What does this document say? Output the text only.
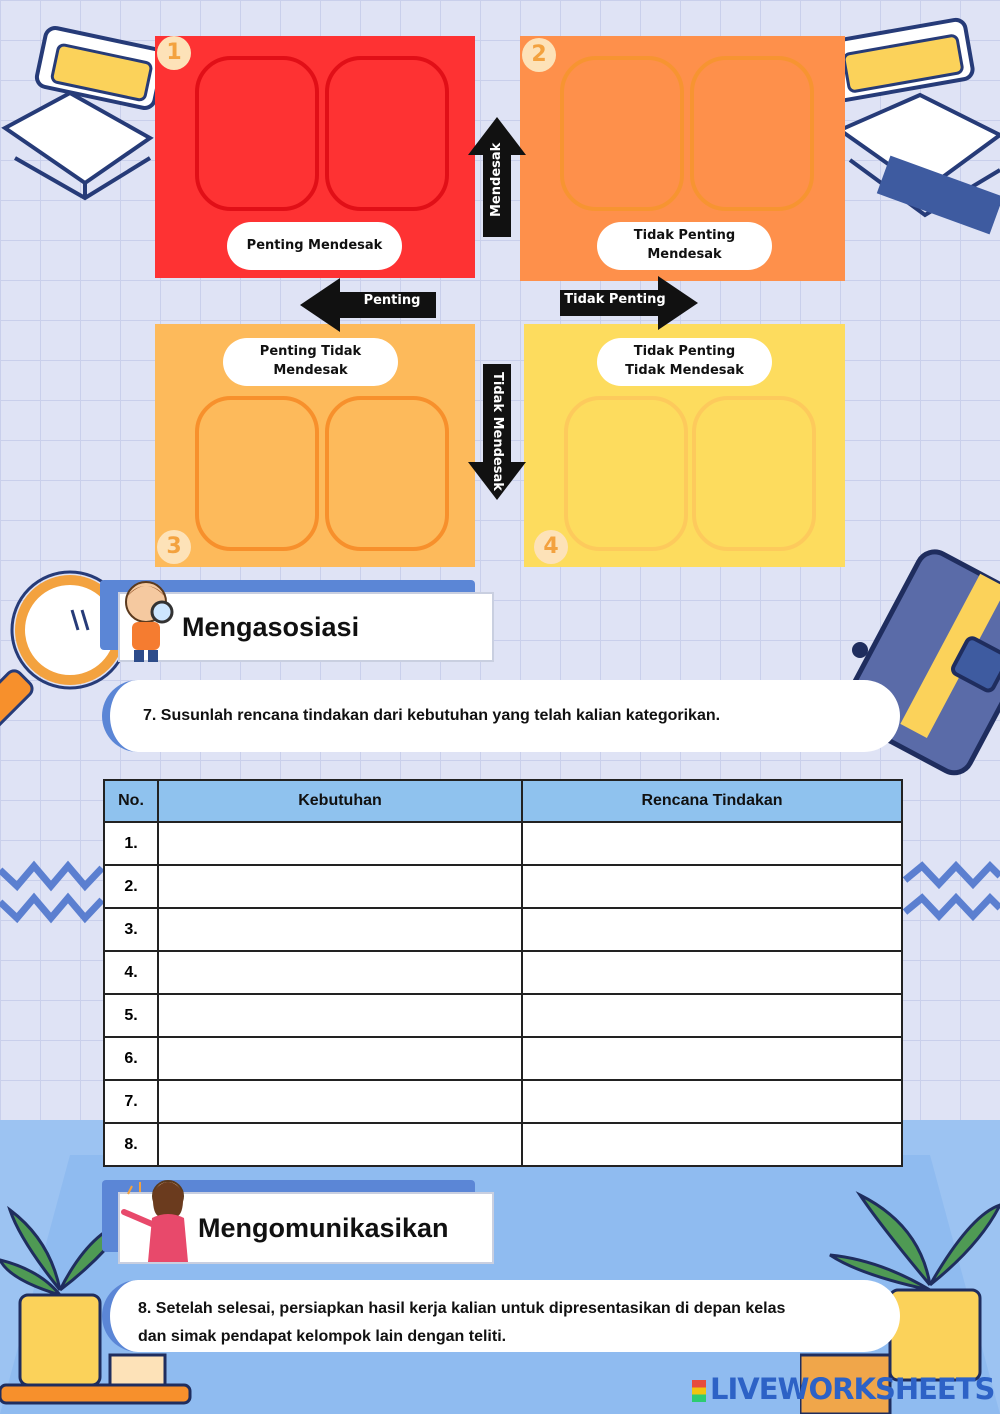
1
Penting Mendesak
2
Tidak Penting Mendesak
Penting Tidak Mendesak
3
Tidak Penting Tidak Mendesak
4
Mendesak
Penting	Tidak Penting
Tidak Mendesak
Mengasosiasi
7. Susunlah rencana tindakan dari kebutuhan yang telah kalian kategorikan.
No.	Kebutuhan	Rencana Tindakan
1.		
2.		
3.		
4.		
5.		
6.		
7.		
8.		
Mengomunikasikan
8. Setelah selesai, persiapkan hasil kerja kalian untuk dipresentasikan di depan kelas
dan simak pendapat kelompok lain dengan teliti.
LIVEWORKSHEETS
